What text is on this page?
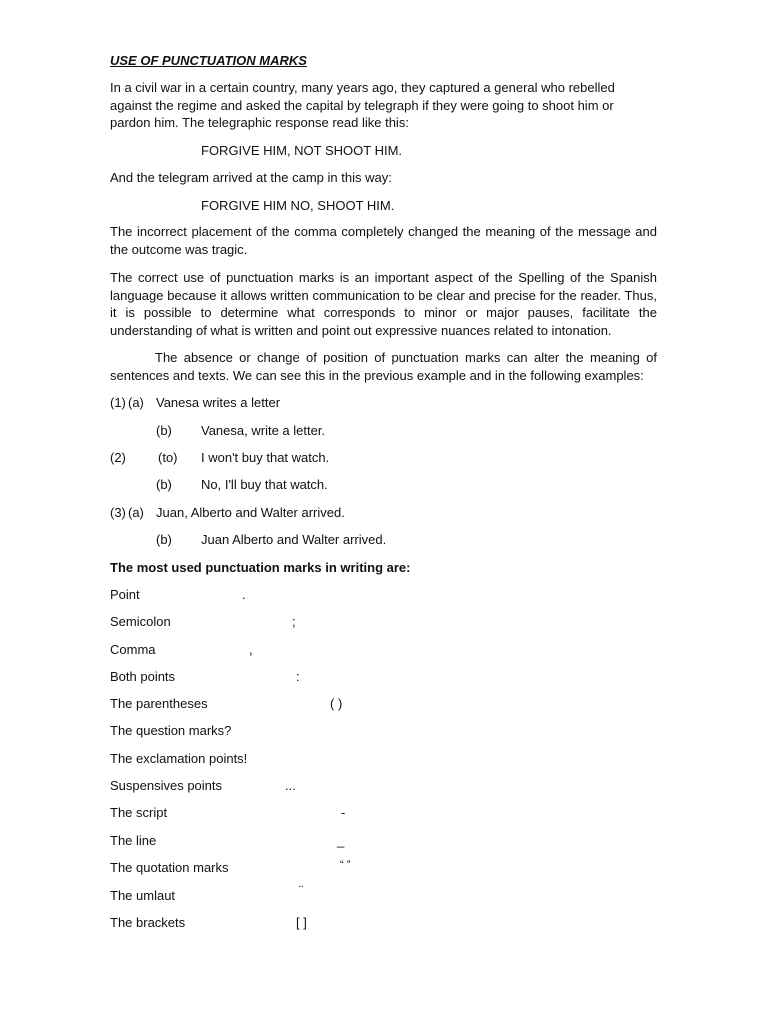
USE OF PUNCTUATION MARKS
In a civil war in a certain country, many years ago, they captured a general who rebelled against the regime and asked the capital by telegraph if they were going to shoot him or pardon him. The telegraphic response read like this:
FORGIVE HIM, NOT SHOOT HIM.
And the telegram arrived at the camp in this way:
FORGIVE HIM NO, SHOOT HIM.
The incorrect placement of the comma completely changed the meaning of the message and the outcome was tragic.
The correct use of punctuation marks is an important aspect of the Spelling of the Spanish language because it allows written communication to be clear and precise for the reader. Thus, it is possible to determine what corresponds to minor or major pauses, facilitate the understanding of what is written and point out expressive nuances related to intonation.
The absence or change of position of punctuation marks can alter the meaning of sentences and texts. We can see this in the previous example and in the following examples:
(1) (a) Vanesa writes a letter
(b) Vanesa, write a letter.
(2) (to) I won't buy that watch.
(b) No, I'll buy that watch.
(3) (a) Juan, Alberto and Walter arrived.
(b) Juan Alberto and Walter arrived.
The most used punctuation marks in writing are:
Point	.
Semicolon	;
Comma	,
Both points	:
The parentheses	( )
The question marks?
The exclamation points!
Suspensives points	...
The script	-
The line	_
The quotation marks	“ ”
The umlaut	¨
The brackets	[ ]
